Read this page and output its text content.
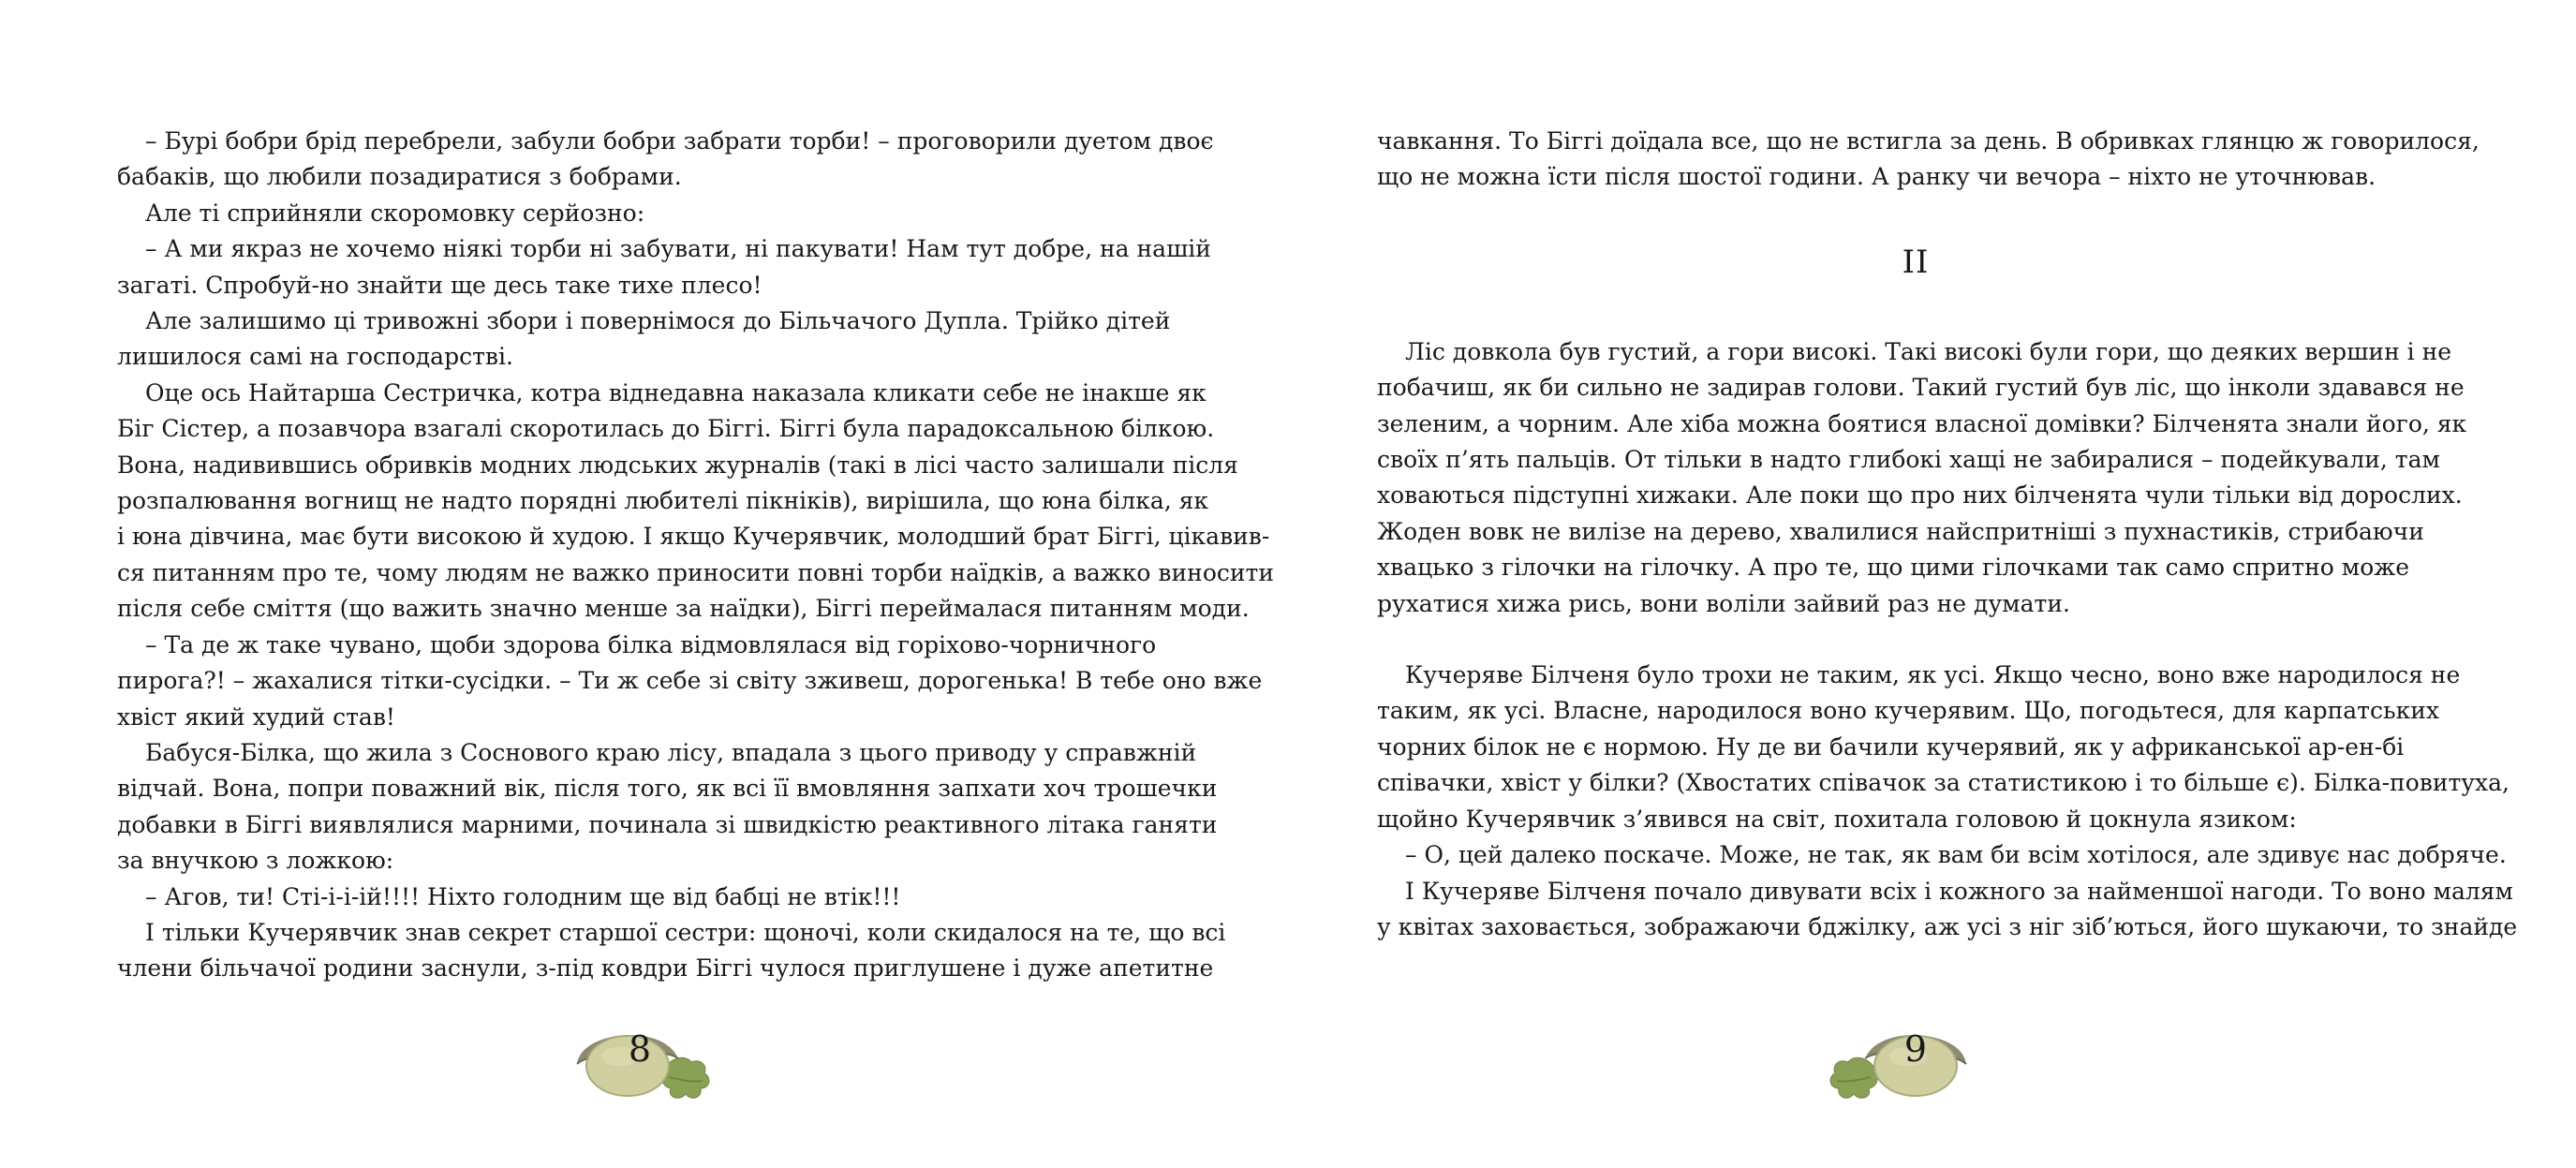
– Бурі бобри брід перебрели, забули бобри забрати торби! – проговорили дуетом двоє
бабаків, що любили позадиратися з бобрами.
Але ті сприйняли скоромовку серйозно:
– А ми якраз не хочемо ніякі торби ні забувати, ні пакувати! Нам тут добре, на нашій
загаті. Спробуй-но знайти ще десь таке тихе плесо!
Але залишимо ці тривожні збори і повернімося до Більчачого Дупла. Трійко дітей
лишилося самі на господарстві.
Оце ось Найтарша Сестричка, котра віднедавна наказала кликати себе не інакше як
Біг Сістер, а позавчора взагалі скоротилась до Біггі. Біггі була парадоксальною білкою.
Вона, надивившись обривків модних людських журналів (такі в лісі часто залишали після
розпалювання вогнищ не надто порядні любителі пікніків), вирішила, що юна білка, як
і юна дівчина, має бути високою й худою. І якщо Кучерявчик, молодший брат Біггі, цікавив-
ся питанням про те, чому людям не важко приносити повні торби наїдків, а важко виносити
після себе сміття (що важить значно менше за наїдки), Біггі переймалася питанням моди.
– Та де ж таке чувано, щоби здорова білка відмовлялася від горіхово-чорничного
пирога?! – жахалися тітки-сусідки. – Ти ж себе зі світу зживеш, дорогенька! В тебе оно вже
хвіст який худий став!
Бабуся-Білка, що жила з Соснового краю лісу, впадала з цього приводу у справжній
відчай. Вона, попри поважний вік, після того, як всі її вмовляння запхати хоч трошечки
добавки в Біггі виявлялися марними, починала зі швидкістю реактивного літака ганяти
за внучкою з ложкою:
– Агов, ти! Сті-і-і-ій!!!! Ніхто голодним ще від бабці не втік!!!
І тільки Кучерявчик знав секрет старшої сестри: щоночі, коли скидалося на те, що всі
члени більчачої родини заснули, з-під ковдри Біггі чулося приглушене і дуже апетитне
чавкання. То Біггі доїдала все, що не встигла за день. В обривках глянцю ж говорилося,
що не можна їсти після шостої години. А ранку чи вечора – ніхто не уточнював.
II
Ліс довкола був густий, а гори високі. Такі високі були гори, що деяких вершин і не
побачиш, як би сильно не задирав голови. Такий густий був ліс, що інколи здавався не
зеленим, а чорним. Але хіба можна боятися власної домівки? Білченята знали його, як
своїх п’ять пальців. От тільки в надто глибокі хащі не забиралися – подейкували, там
ховаються підступні хижаки. Але поки що про них білченята чули тільки від дорослих.
Жоден вовк не вилізе на дерево, хвалилися найспритніші з пухнастиків, стрибаючи
хвацько з гілочки на гілочку. А про те, що цими гілочками так само спритно може
рухатися хижа рись, вони воліли зайвий раз не думати.
Кучеряве Білченя було трохи не таким, як усі. Якщо чесно, воно вже народилося не
таким, як усі. Власне, народилося воно кучерявим. Що, погодьтеся, для карпатських
чорних білок не є нормою. Ну де ви бачили кучерявий, як у африканської ар-ен-бі
співачки, хвіст у білки? (Хвостатих співачок за статистикою і то більше є). Білка-повитуха,
щойно Кучерявчик з’явився на світ, похитала головою й цокнула язиком:
– О, цей далеко поскаче. Може, не так, як вам би всім хотілося, але здивує нас добряче.
І Кучеряве Білченя почало дивувати всіх і кожного за найменшої нагоди. То воно малям
у квітах заховається, зображаючи бджілку, аж усі з ніг зіб’ються, його шукаючи, то знайде
8	9
